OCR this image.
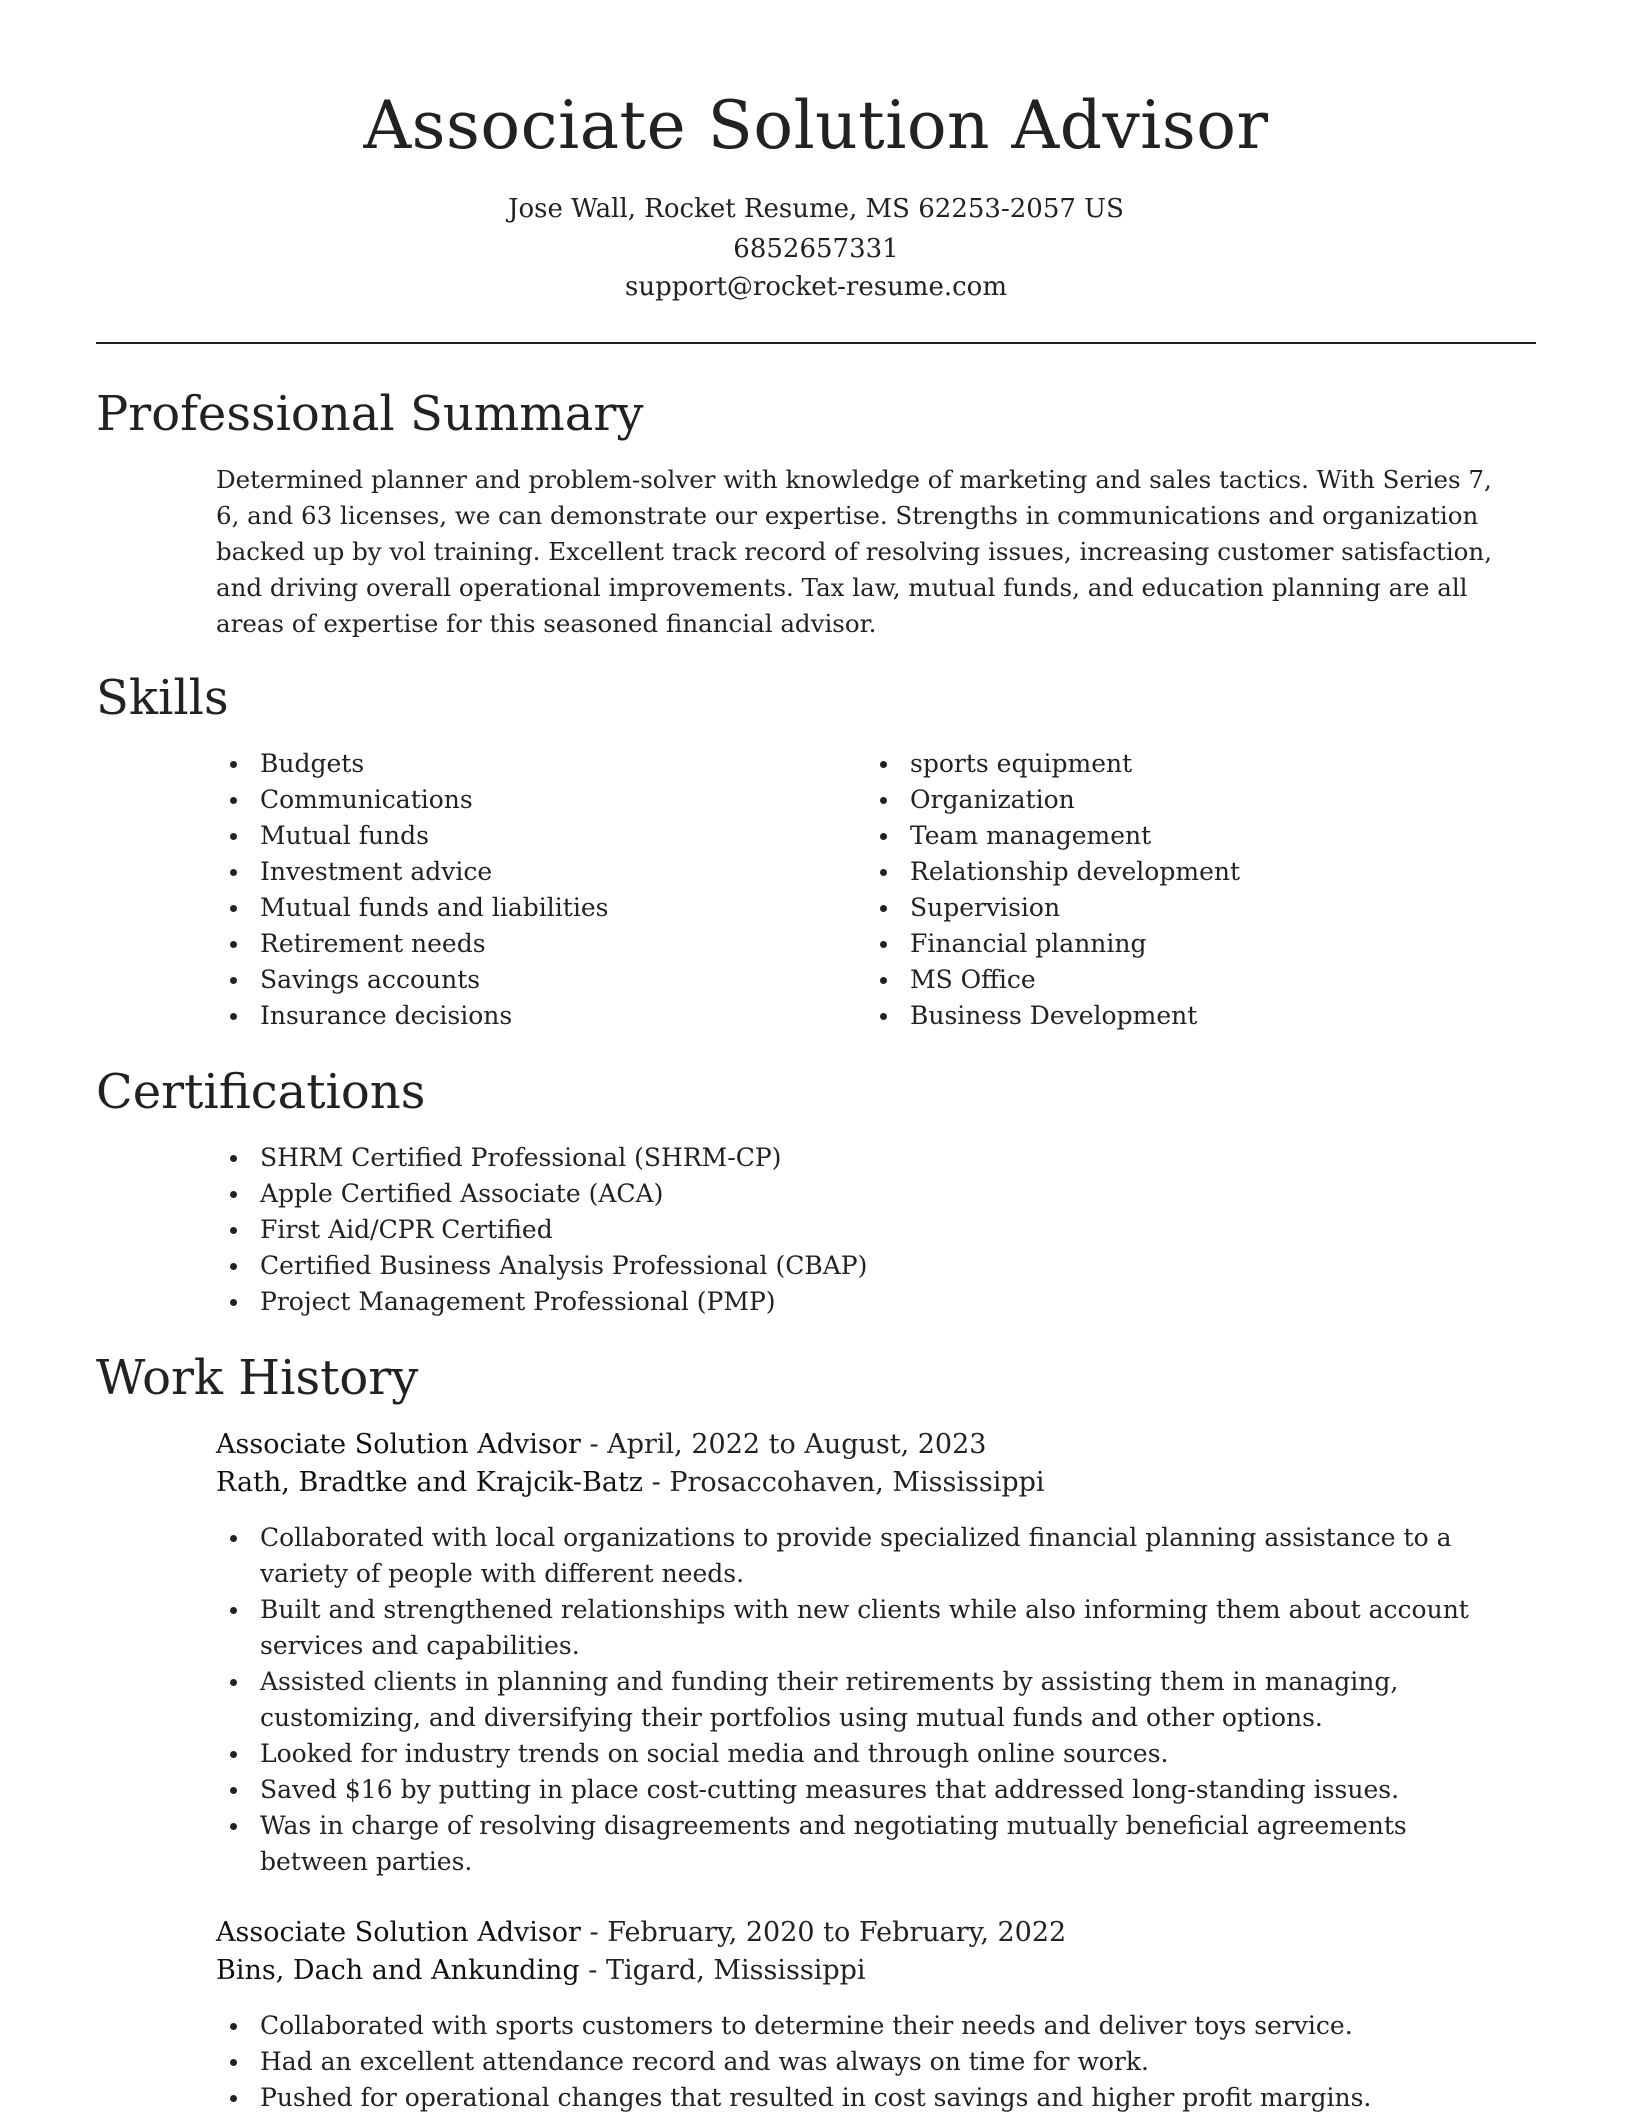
Associate Solution Advisor
Jose Wall, Rocket Resume, MS 62253-2057 US
6852657331
support@rocket-resume.com
Professional Summary

Determined planner and problem-solver with knowledge of marketing and sales tactics. With Series 7, 6, and 63 licenses, we can demonstrate our expertise. Strengths in communications and organization backed up by vol training. Excellent track record of resolving issues, increasing customer satisfaction, and driving overall operational improvements. Tax law, mutual funds, and education planning are all areas of expertise for this seasoned financial advisor.

Skills
Budgets
Communications
Mutual funds
Investment advice
Mutual funds and liabilities
Retirement needs
Savings accounts
Insurance decisions
sports equipment
Organization
Team management
Relationship development
Supervision
Financial planning
MS Office
Business Development
Certifications
SHRM Certified Professional (SHRM-CP)
Apple Certified Associate (ACA)
First Aid/CPR Certified
Certified Business Analysis Professional (CBAP)
Project Management Professional (PMP)
Work History
Associate Solution Advisor - April, 2022 to August, 2023
Rath, Bradtke and Krajcik-Batz - Prosaccohaven, Mississippi
Collaborated with local organizations to provide specialized financial planning assistance to a variety of people with different needs.
Built and strengthened relationships with new clients while also informing them about account services and capabilities.
Assisted clients in planning and funding their retirements by assisting them in managing, customizing, and diversifying their portfolios using mutual funds and other options.
Looked for industry trends on social media and through online sources.
Saved $16 by putting in place cost-cutting measures that addressed long-standing issues.
Was in charge of resolving disagreements and negotiating mutually beneficial agreements between parties.
Associate Solution Advisor - February, 2020 to February, 2022
Bins, Dach and Ankunding - Tigard, Mississippi
Collaborated with sports customers to determine their needs and deliver toys service.
Had an excellent attendance record and was always on time for work.
Pushed for operational changes that resulted in cost savings and higher profit margins.
